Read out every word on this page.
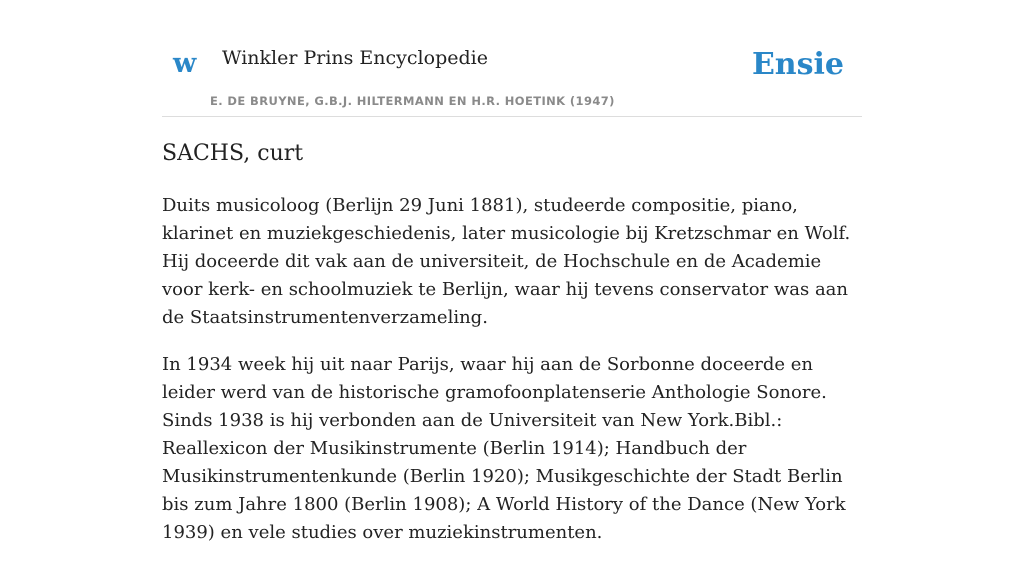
w Winkler Prins Encyclopedie
E. DE BRUYNE, G.B.J. HILTERMANN EN H.R. HOETINK (1947)
Ensie
SACHS, curt

Duits musicoloog (Berlijn 29 Juni 1881), studeerde compositie, piano, klarinet en muziekgeschiedenis, later musicologie bij Kretzschmar en Wolf. Hij doceerde dit vak aan de universiteit, de Hochschule en de Academie voor kerk- en schoolmuziek te Berlijn, waar hij tevens conservator was aan de Staatsinstrumentenverzameling.

In 1934 week hij uit naar Parijs, waar hij aan de Sorbonne doceerde en leider werd van de historische gramofoonplatenserie Anthologie Sonore. Sinds 1938 is hij verbonden aan de Universiteit van New York.Bibl.: Reallexicon der Musikinstrumente (Berlin 1914); Handbuch der Musikinstrumentenkunde (Berlin 1920); Musikgeschichte der Stadt Berlin bis zum Jahre 1800 (Berlin 1908); A World History of the Dance (New York 1939) en vele studies over muziekinstrumenten.
